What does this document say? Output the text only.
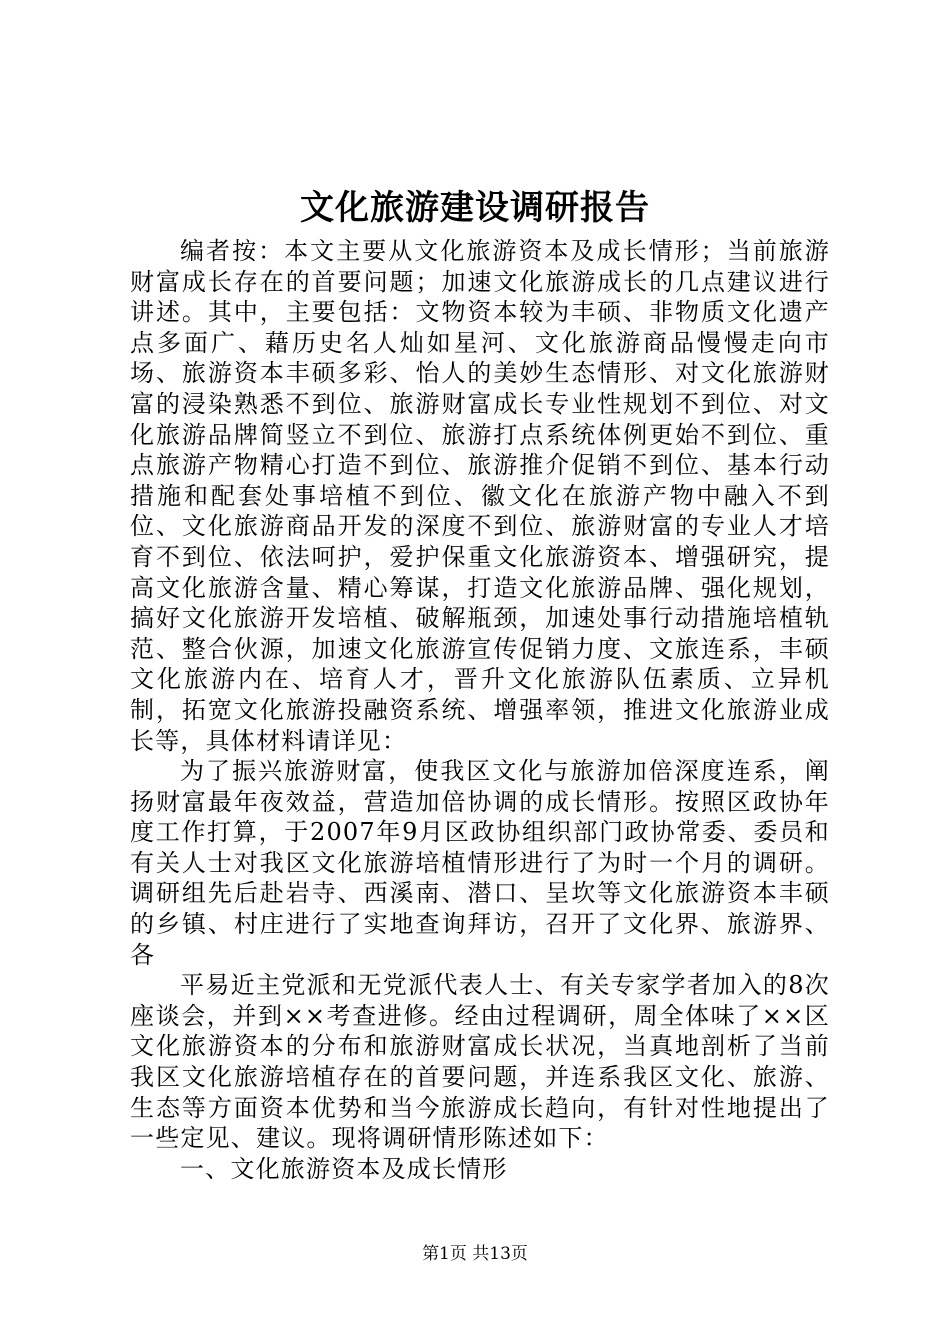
文化旅游建设调研报告

编者按：本文主要从文化旅游资本及成长情形；当前旅游财富成长存在的首要问题；加速文化旅游成长的几点建议进行讲述。其中，主要包括：文物资本较为丰硕、非物质文化遗产点多面广、藉历史名人灿如星河、文化旅游商品慢慢走向市场、旅游资本丰硕多彩、怡人的美妙生态情形、对文化旅游财富的浸染熟悉不到位、旅游财富成长专业性规划不到位、对文化旅游品牌简竖立不到位、旅游打点系统体例更始不到位、重点旅游产物精心打造不到位、旅游推介促销不到位、基本行动措施和配套处事培植不到位、徽文化在旅游产物中融入不到位、文化旅游商品开发的深度不到位、旅游财富的专业人才培育不到位、依法呵护，爱护保重文化旅游资本、增强研究，提高文化旅游含量、精心筹谋，打造文化旅游品牌、强化规划，搞好文化旅游开发培植、破解瓶颈，加速处事行动措施培植轨范、整合伙源，加速文化旅游宣传促销力度、文旅连系，丰硕文化旅游内在、培育人才，晋升文化旅游队伍素质、立异机制，拓宽文化旅游投融资系统、增强率领，推进文化旅游业成长等，具体材料请详见：

为了振兴旅游财富，使我区文化与旅游加倍深度连系，阐扬财富最年夜效益，营造加倍协调的成长情形。按照区政协年度工作打算，于2007年9月区政协组织部门政协常委、委员和有关人士对我区文化旅游培植情形进行了为时一个月的调研。调研组先后赴岩寺、西溪南、潜口、呈坎等文化旅游资本丰硕的乡镇、村庄进行了实地查询拜访，召开了文化界、旅游界、各

平易近主党派和无党派代表人士、有关专家学者加入的8次座谈会，并到××考查进修。经由过程调研，周全体味了××区文化旅游资本的分布和旅游财富成长状况，当真地剖析了当前我区文化旅游培植存在的首要问题，并连系我区文化、旅游、生态等方面资本优势和当今旅游成长趋向，有针对性地提出了一些定见、建议。现将调研情形陈述如下：

一、文化旅游资本及成长情形

第1页 共13页
